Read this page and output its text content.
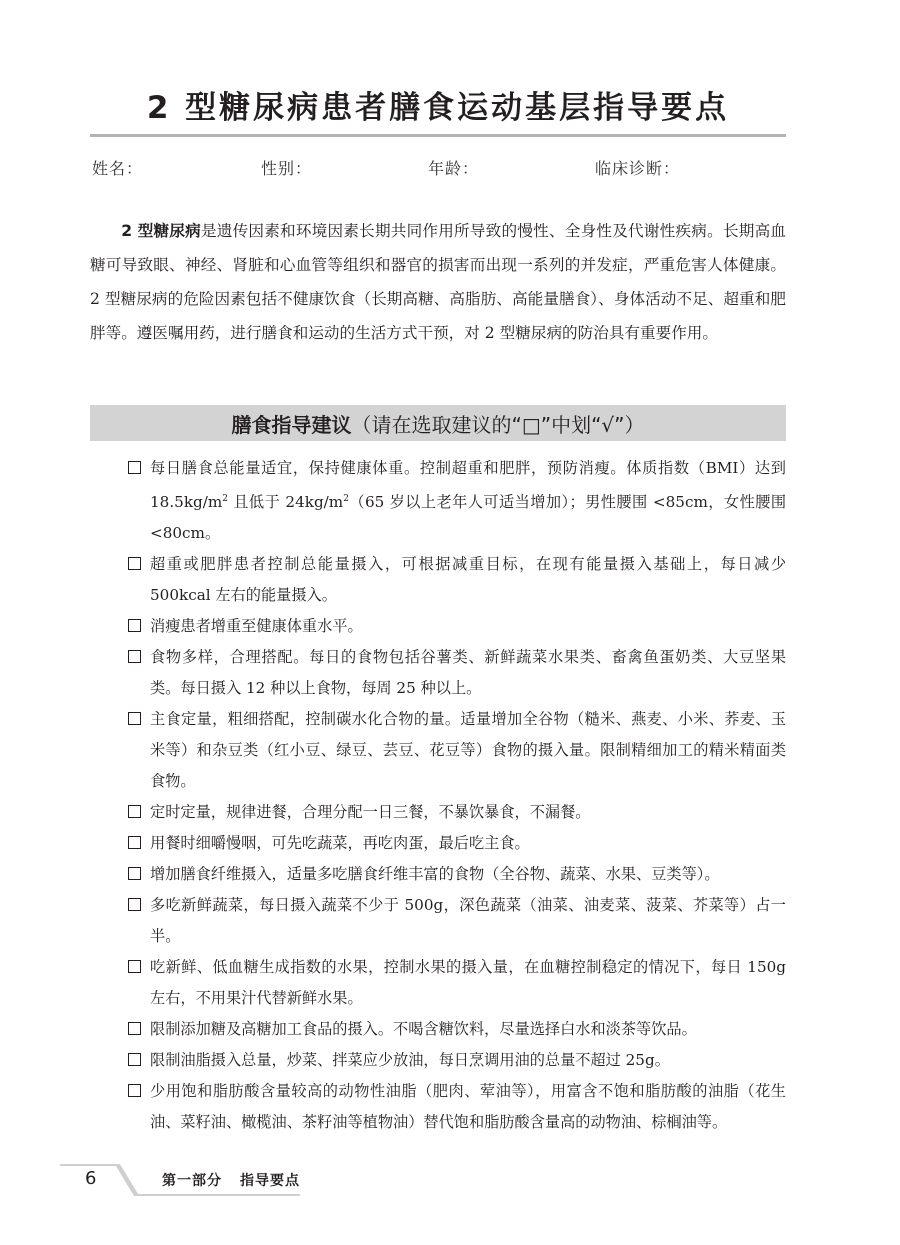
2 型糖尿病患者膳食运动基层指导要点
姓名：	性别：	年龄：	临床诊断：

2 型糖尿病是遗传因素和环境因素长期共同作用所导致的慢性、全身性及代谢性疾病。长期高血糖可导致眼、神经、肾脏和心血管等组织和器官的损害而出现一系列的并发症，严重危害人体健康。2 型糖尿病的危险因素包括不健康饮食（长期高糖、高脂肪、高能量膳食）、身体活动不足、超重和肥胖等。遵医嘱用药，进行膳食和运动的生活方式干预，对 2 型糖尿病的防治具有重要作用。

膳食指导建议（请在选取建议的“□”中划“√”）
每日膳食总能量适宜，保持健康体重。控制超重和肥胖，预防消瘦。体质指数（BMI）达到 $18.5kg/m^2$ 且低于 $24kg/m^2(65$ 岁以上老年人可适当增加）；男性腰围 <85cm，女性腰围 <80cm。
超重或肥胖患者控制总能量摄入，可根据减重目标，在现有能量摄入基础上，每日减少 500kcal 左右的能量摄入。
消瘦患者增重至健康体重水平。
食物多样，合理搭配。每日的食物包括谷薯类、新鲜蔬菜水果类、畜禽鱼蛋奶类、大豆坚果类。每日摄入 12 种以上食物，每周 25 种以上。
主食定量，粗细搭配，控制碳水化合物的量。适量增加全谷物（糙米、燕麦、小米、荞麦、玉米等）和杂豆类（红小豆、绿豆、芸豆、花豆等）食物的摄入量。限制精细加工的精米精面类食物。
定时定量，规律进餐，合理分配一日三餐，不暴饮暴食，不漏餐。
用餐时细嚼慢咽，可先吃蔬菜，再吃肉蛋，最后吃主食。
增加膳食纤维摄入，适量多吃膳食纤维丰富的食物（全谷物、蔬菜、水果、豆类等）。
多吃新鲜蔬菜，每日摄入蔬菜不少于 500g，深色蔬菜（油菜、油麦菜、菠菜、芥菜等）占一半。
吃新鲜、低血糖生成指数的水果，控制水果的摄入量，在血糖控制稳定的情况下，每日 150g 左右，不用果汁代替新鲜水果。
限制添加糖及高糖加工食品的摄入。不喝含糖饮料，尽量选择白水和淡茶等饮品。
限制油脂摄入总量，炒菜、拌菜应少放油，每日烹调用油的总量不超过 25g。
少用饱和脂肪酸含量较高的动物性油脂（肥肉、荤油等），用富含不饱和脂肪酸的油脂（花生油、菜籽油、橄榄油、茶籽油等植物油）替代饱和脂肪酸含量高的动物油、棕榈油等。
6	第一部分 指导要点
